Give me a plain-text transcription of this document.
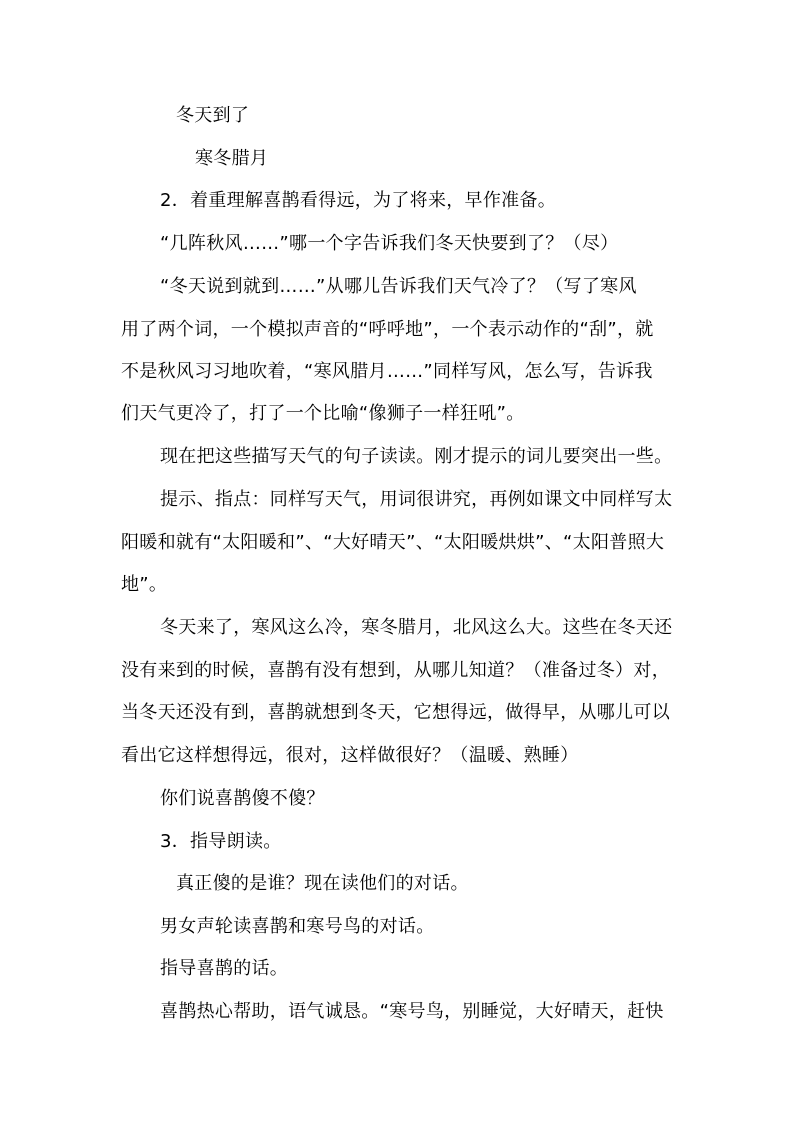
冬天到了
寒冬腊月
2．着重理解喜鹊看得远，为了将来，早作准备。
“几阵秋风……”哪一个字告诉我们冬天快要到了？（尽）
“冬天说到就到……”从哪儿告诉我们天气冷了？（写了寒风
用了两个词，一个模拟声音的“呼呼地”，一个表示动作的“刮”，就
不是秋风习习地吹着，“寒风腊月……”同样写风，怎么写，告诉我
们天气更冷了，打了一个比喻“像狮子一样狂吼”。
现在把这些描写天气的句子读读。刚才提示的词儿要突出一些。
提示、指点：同样写天气，用词很讲究，再例如课文中同样写太
阳暖和就有“太阳暖和”、“大好晴天”、“太阳暖烘烘”、“太阳普照大
地”。
冬天来了，寒风这么冷，寒冬腊月，北风这么大。这些在冬天还
没有来到的时候，喜鹊有没有想到，从哪儿知道？（准备过冬）对，
当冬天还没有到，喜鹊就想到冬天，它想得远，做得早，从哪儿可以
看出它这样想得远，很对，这样做很好？（温暖、熟睡）
你们说喜鹊傻不傻？
3．指导朗读。
真正傻的是谁？现在读他们的对话。
男女声轮读喜鹊和寒号鸟的对话。
指导喜鹊的话。
喜鹊热心帮助，语气诚恳。“寒号鸟，别睡觉，大好晴天，赶快
